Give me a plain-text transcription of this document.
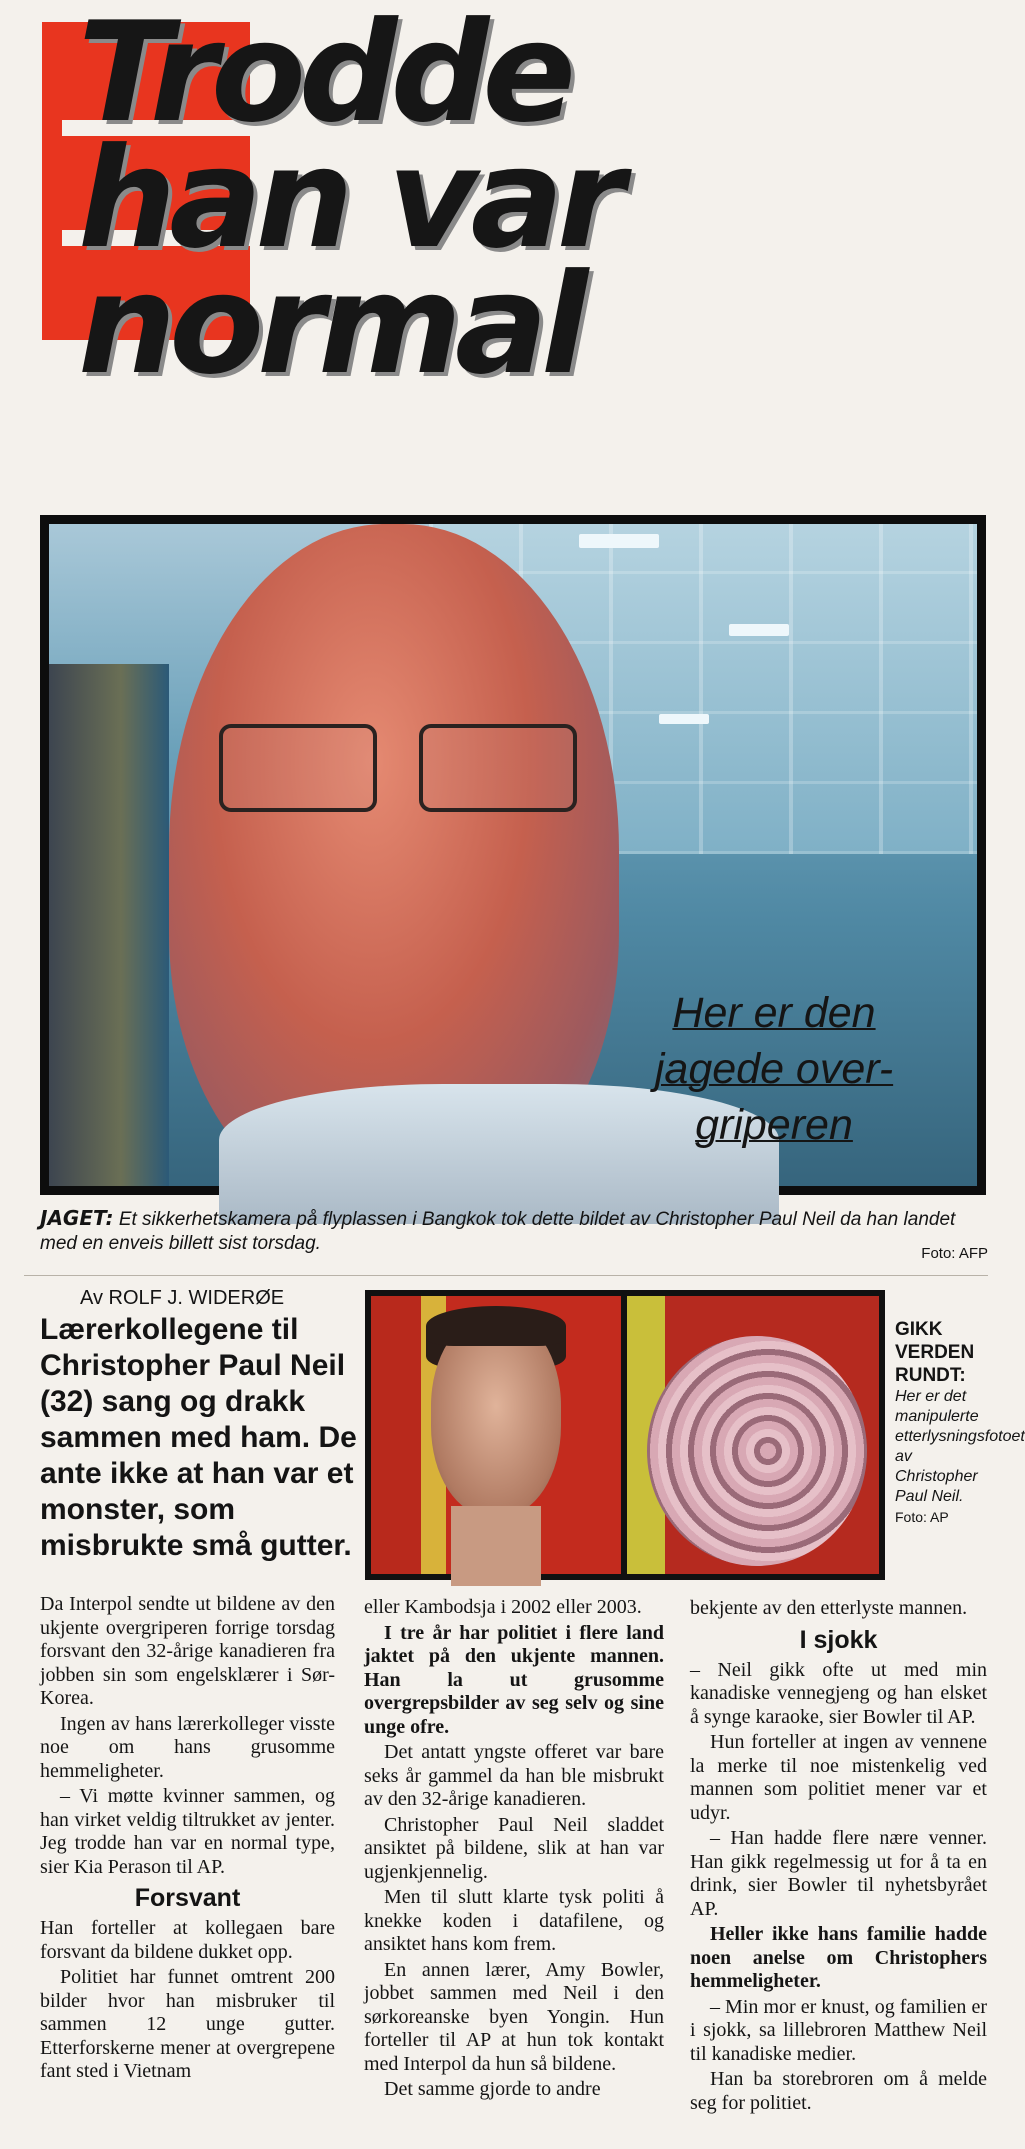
Trodde
han var
normal
Her er den
jagede over-
griperen
JAGET: Et sikkerhetskamera på flyplassen i Bangkok tok dette bildet av Christopher Paul Neil da han landet med en enveis billett sist torsdag.	Foto: AFP
Av ROLF J. WIDERØE
Lærerkollegene til Christopher Paul Neil (32) sang og drakk sammen med ham. De ante ikke at han var et monster, som misbrukte små gutter.
GIKK VERDEN RUNDT:
Her er det manipulerte etterlysningsfotoet av Christopher Paul Neil.
Foto: AP

Da Interpol sendte ut bildene av den ukjente overgriperen forrige torsdag forsvant den 32-årige kanadieren fra jobben sin som engelsklærer i Sør-Korea.

Ingen av hans lærerkolleger visste noe om hans grusomme hemmeligheter.

– Vi møtte kvinner sammen, og han virket veldig tiltrukket av jenter. Jeg trodde han var en normal type, sier Kia Perason til AP.

Forsvant

Han forteller at kollegaen bare forsvant da bildene dukket opp.

Politiet har funnet omtrent 200 bilder hvor han misbruker til sammen 12 unge gutter. Etterforskerne mener at overgrepene fant sted i Vietnam

eller Kambodsja i 2002 eller 2003.

I tre år har politiet i flere land jaktet på den ukjente mannen. Han la ut grusomme overgrepsbilder av seg selv og sine unge ofre.

Det antatt yngste offeret var bare seks år gammel da han ble misbrukt av den 32-årige kanadieren.

Christopher Paul Neil sladdet ansiktet på bildene, slik at han var ugjenkjennelig.

Men til slutt klarte tysk politi å knekke koden i datafilene, og ansiktet hans kom frem.

En annen lærer, Amy Bowler, jobbet sammen med Neil i den sørkoreanske byen Yongin. Hun forteller til AP at hun tok kontakt med Interpol da hun så bildene.

Det samme gjorde to andre

bekjente av den etterlyste mannen.

I sjokk

– Neil gikk ofte ut med min kanadiske vennegjeng og han elsket å synge karaoke, sier Bowler til AP.

Hun forteller at ingen av vennene la merke til noe mistenkelig ved mannen som politiet mener var et udyr.

– Han hadde flere nære venner. Han gikk regelmessig ut for å ta en drink, sier Bowler til nyhetsbyrået AP.

Heller ikke hans familie hadde noen anelse om Christophers hemmeligheter.

– Min mor er knust, og familien er i sjokk, sa lillebroren Matthew Neil til kanadiske medier.

Han ba storebroren om å melde seg for politiet.
